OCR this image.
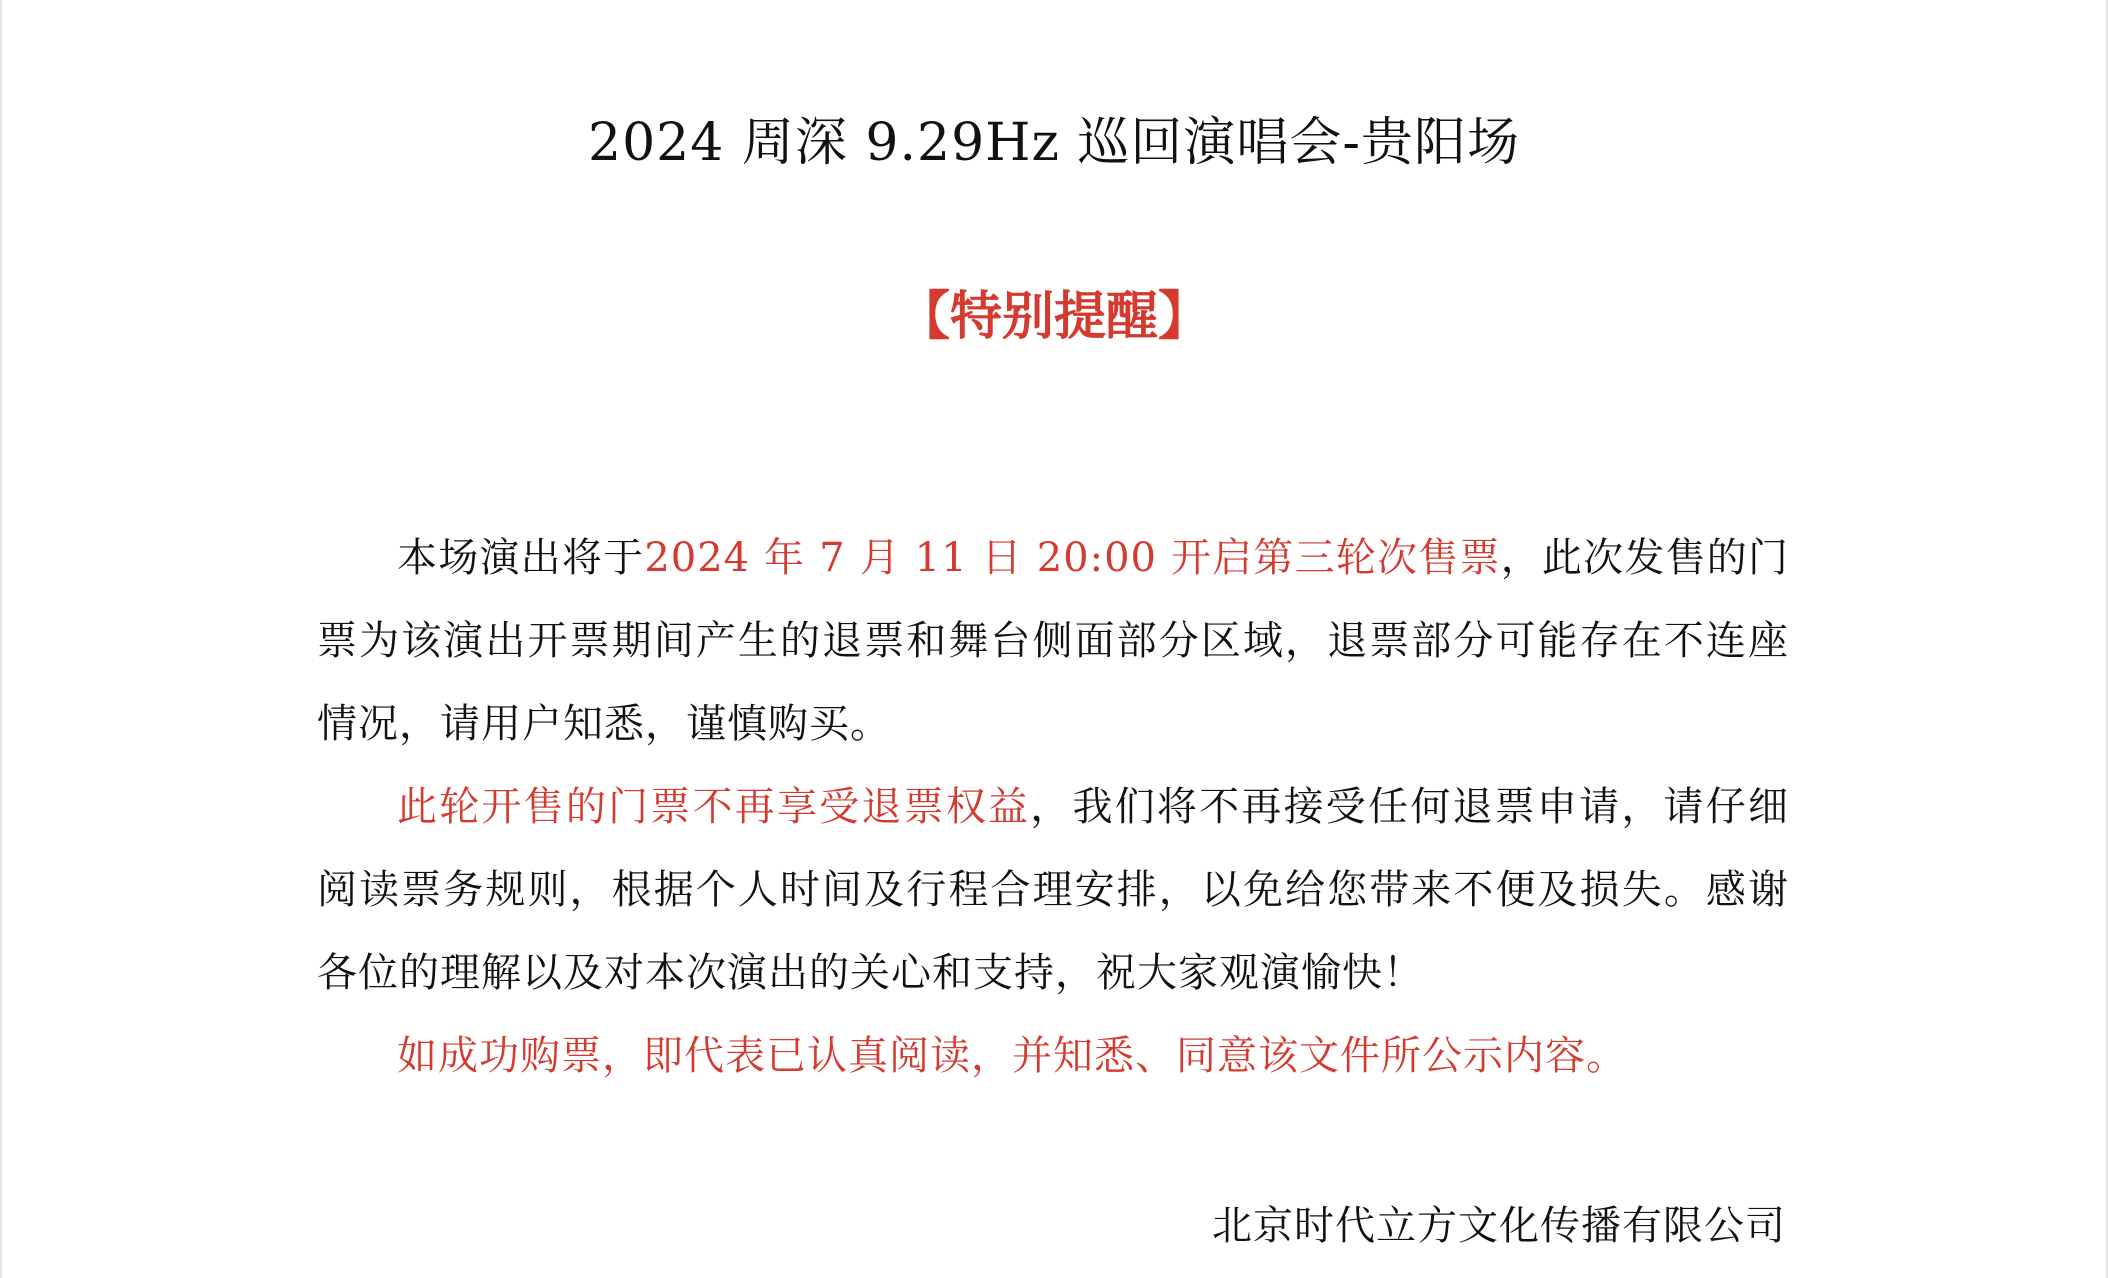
2024 周深 9.29Hz 巡回演唱会-贵阳场
【特别提醒】

本场演出将于2024 年 7 月 11 日 20:00 开启第三轮次售票，此次发售的门票为该演出开票期间产生的退票和舞台侧面部分区域，退票部分可能存在不连座情况，请用户知悉，谨慎购买。

此轮开售的门票不再享受退票权益，我们将不再接受任何退票申请，请仔细阅读票务规则，根据个人时间及行程合理安排，以免给您带来不便及损失。感谢各位的理解以及对本次演出的关心和支持，祝大家观演愉快！

如成功购票，即代表已认真阅读，并知悉、同意该文件所公示内容。

北京时代立方文化传播有限公司
